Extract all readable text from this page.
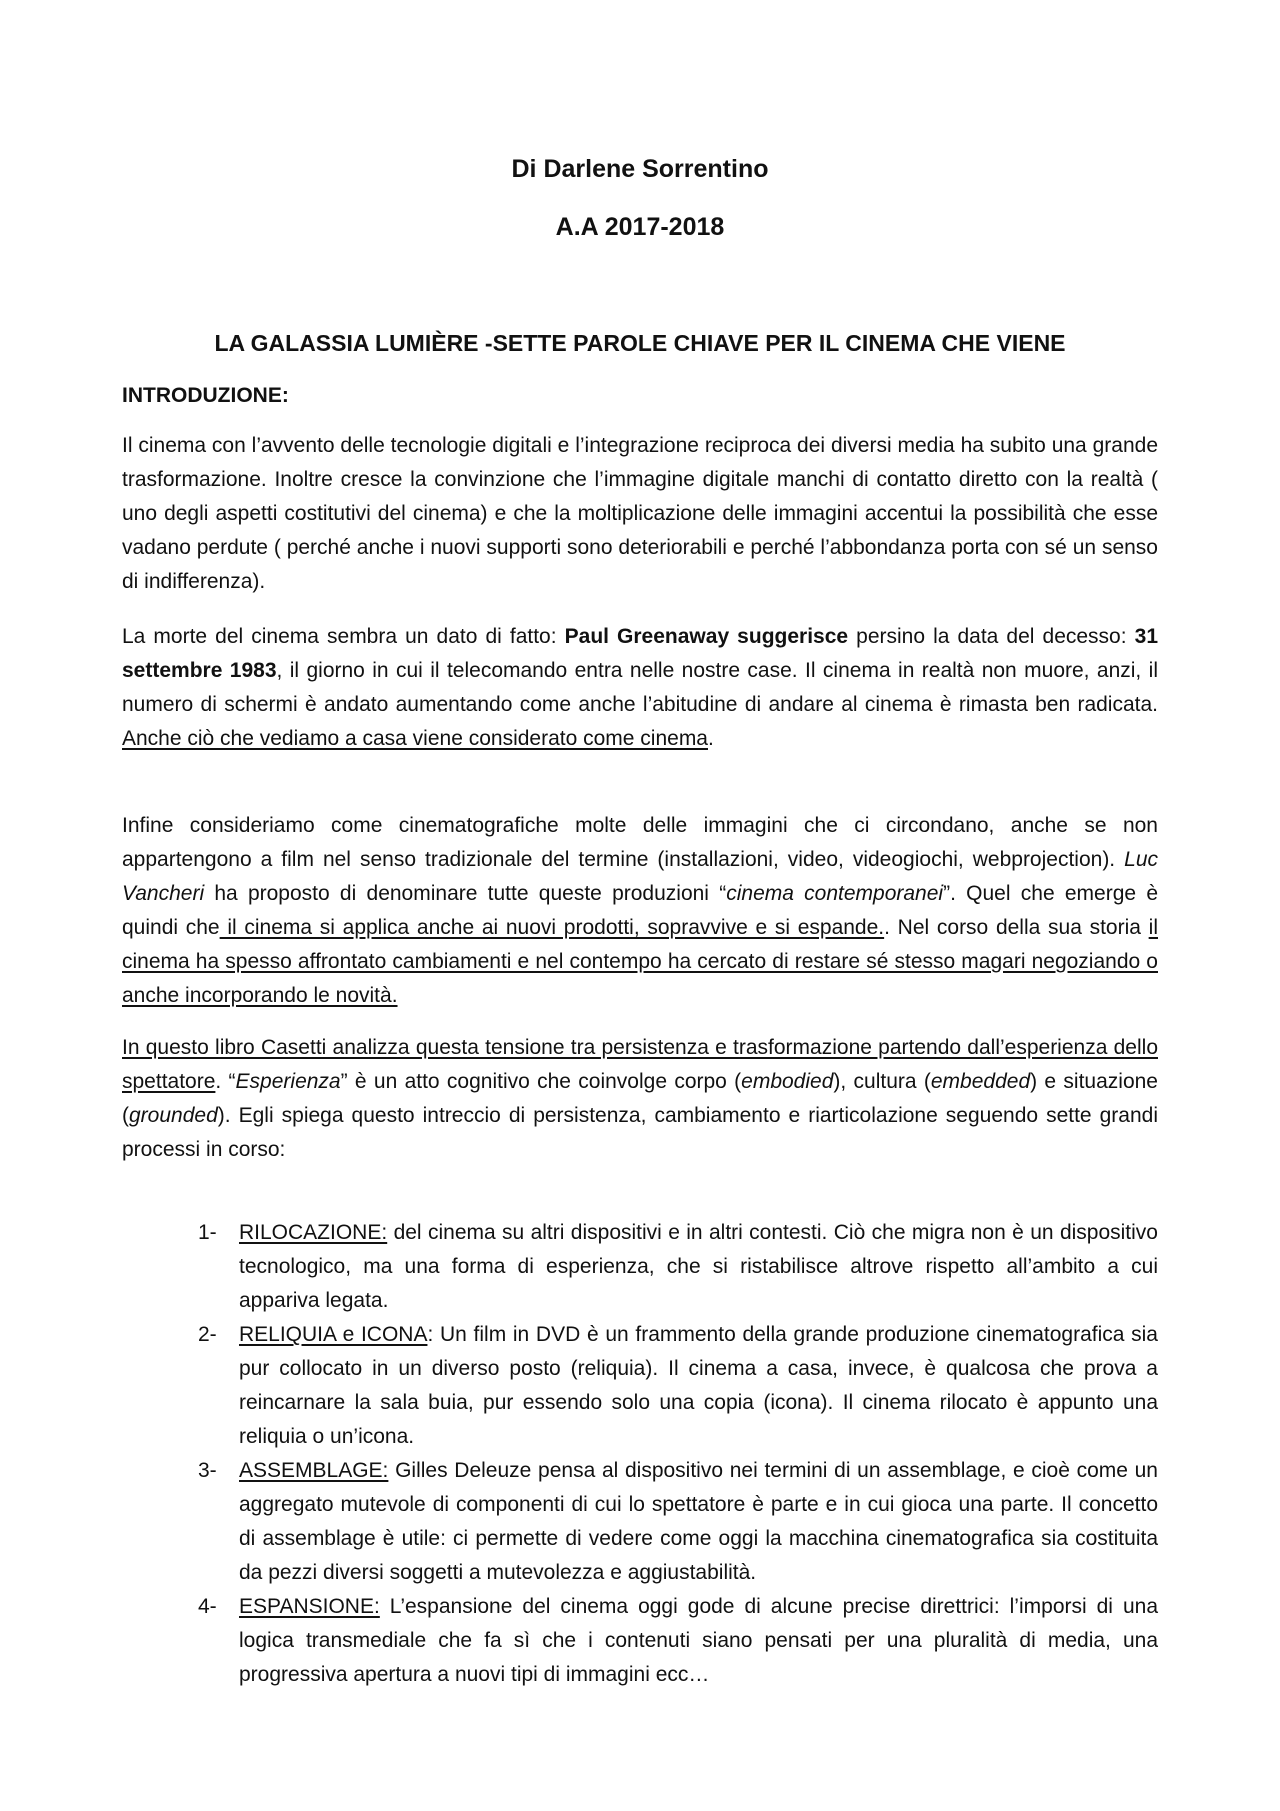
Di Darlene Sorrentino
A.A 2017-2018
LA GALASSIA LUMIÈRE -SETTE PAROLE CHIAVE PER IL CINEMA CHE VIENE
INTRODUZIONE:

Il cinema con l’avvento delle tecnologie digitali e l’integrazione reciproca dei diversi media ha subito una grande trasformazione. Inoltre cresce la convinzione che l’immagine digitale manchi di contatto diretto con la realtà ( uno degli aspetti costitutivi del cinema) e che la moltiplicazione delle immagini accentui la possibilità che esse vadano perdute ( perché anche i nuovi supporti sono deteriorabili e perché l’abbondanza porta con sé un senso di indifferenza).

La morte del cinema sembra un dato di fatto: Paul Greenaway suggerisce persino la data del decesso: 31 settembre 1983, il giorno in cui il telecomando entra nelle nostre case. Il cinema in realtà non muore, anzi, il numero di schermi è andato aumentando come anche l’abitudine di andare al cinema è rimasta ben radicata. Anche ciò che vediamo a casa viene considerato come cinema.

Infine consideriamo come cinematografiche molte delle immagini che ci circondano, anche se non appartengono a film nel senso tradizionale del termine (installazioni, video, videogiochi, webprojection). Luc Vancheri ha proposto di denominare tutte queste produzioni “cinema contemporanei”. Quel che emerge è quindi che il cinema si applica anche ai nuovi prodotti, sopravvive e si espande.. Nel corso della sua storia il cinema ha spesso affrontato cambiamenti e nel contempo ha cercato di restare sé stesso magari negoziando o anche incorporando le novità.

In questo libro Casetti analizza questa tensione tra persistenza e trasformazione partendo dall’esperienza dello spettatore. “Esperienza” è un atto cognitivo che coinvolge corpo (embodied), cultura (embedded) e situazione (grounded). Egli spiega questo intreccio di persistenza, cambiamento e riarticolazione seguendo sette grandi processi in corso:

1- RILOCAZIONE: del cinema su altri dispositivi e in altri contesti. Ciò che migra non è un dispositivo tecnologico, ma una forma di esperienza, che si ristabilisce altrove rispetto all’ambito a cui appariva legata.
2- RELIQUIA e ICONA: Un film in DVD è un frammento della grande produzione cinematografica sia pur collocato in un diverso posto (reliquia). Il cinema a casa, invece, è qualcosa che prova a reincarnare la sala buia, pur essendo solo una copia (icona). Il cinema rilocato è appunto una reliquia o un’icona.
3- ASSEMBLAGE: Gilles Deleuze pensa al dispositivo nei termini di un assemblage, e cioè come un aggregato mutevole di componenti di cui lo spettatore è parte e in cui gioca una parte. Il concetto di assemblage è utile: ci permette di vedere come oggi la macchina cinematografica sia costituita da pezzi diversi soggetti a mutevolezza e aggiustabilità.
4- ESPANSIONE: L’espansione del cinema oggi gode di alcune precise direttrici: l’imporsi di una logica transmediale che fa sì che i contenuti siano pensati per una pluralità di media, una progressiva apertura a nuovi tipi di immagini ecc…
